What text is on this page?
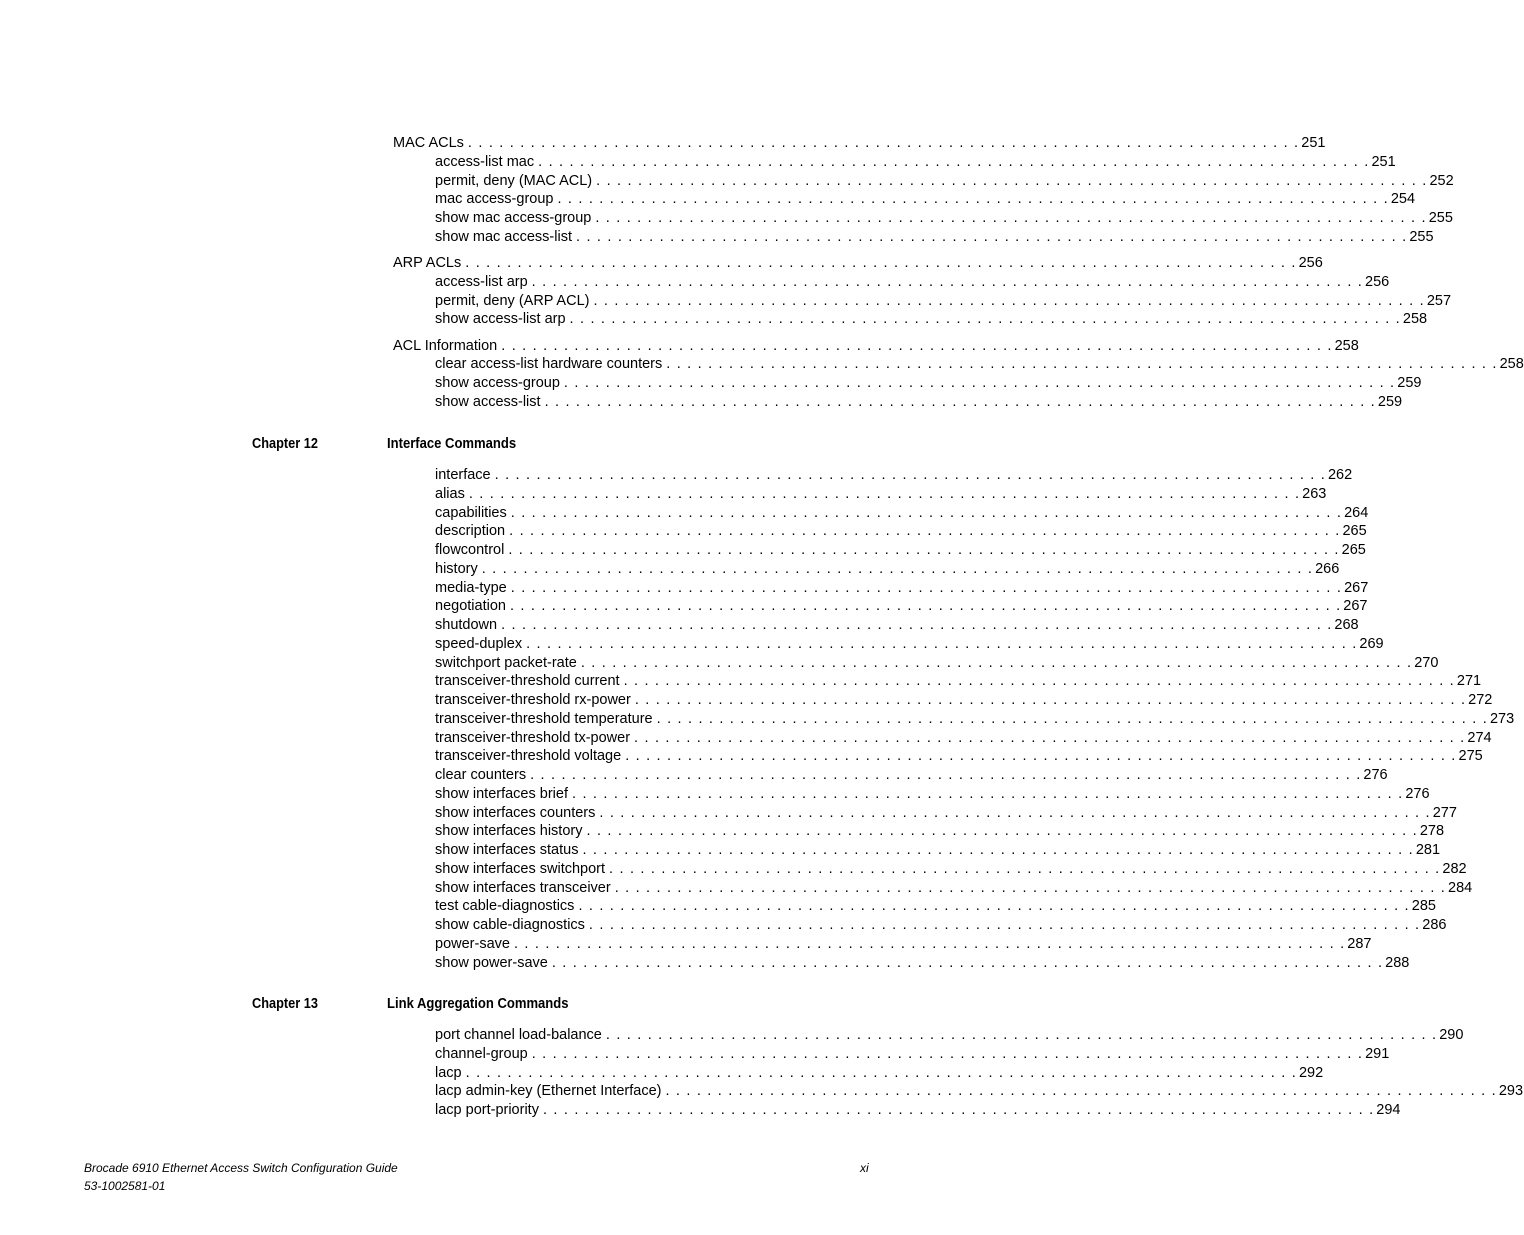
MAC ACLs . . . . . . . . . . . . . . . . . . . . . . . . . . . . . . . . . . . . . . . . . . . . . . . . . . . . . . . . . . . . . . . . . . . . . . . . . . . . . . . . 251
access-list mac . . . . . . . . . . . . . . . . . . . . . . . . . . . . . . . . . . . . . . . . . . . . . . . . . . . . . . . . . . . . . . . . . . . . . . . . . . . . . . . . 251
permit, deny (MAC ACL) . . . . . . . . . . . . . . . . . . . . . . . . . . . . . . . . . . . . . . . . . . . . . . . . . . . . . . . . . . . . . . . . . . . . . . . . . . . . . . . . 252
mac access-group . . . . . . . . . . . . . . . . . . . . . . . . . . . . . . . . . . . . . . . . . . . . . . . . . . . . . . . . . . . . . . . . . . . . . . . . . . . . . . . . 254
show mac access-group . . . . . . . . . . . . . . . . . . . . . . . . . . . . . . . . . . . . . . . . . . . . . . . . . . . . . . . . . . . . . . . . . . . . . . . . . . . . . . . . 255
show mac access-list . . . . . . . . . . . . . . . . . . . . . . . . . . . . . . . . . . . . . . . . . . . . . . . . . . . . . . . . . . . . . . . . . . . . . . . . . . . . . . . . 255
ARP ACLs . . . . . . . . . . . . . . . . . . . . . . . . . . . . . . . . . . . . . . . . . . . . . . . . . . . . . . . . . . . . . . . . . . . . . . . . . . . . . . . . 256
access-list arp . . . . . . . . . . . . . . . . . . . . . . . . . . . . . . . . . . . . . . . . . . . . . . . . . . . . . . . . . . . . . . . . . . . . . . . . . . . . . . . . 256
permit, deny (ARP ACL) . . . . . . . . . . . . . . . . . . . . . . . . . . . . . . . . . . . . . . . . . . . . . . . . . . . . . . . . . . . . . . . . . . . . . . . . . . . . . . . . 257
show access-list arp . . . . . . . . . . . . . . . . . . . . . . . . . . . . . . . . . . . . . . . . . . . . . . . . . . . . . . . . . . . . . . . . . . . . . . . . . . . . . . . . 258
ACL Information . . . . . . . . . . . . . . . . . . . . . . . . . . . . . . . . . . . . . . . . . . . . . . . . . . . . . . . . . . . . . . . . . . . . . . . . . . . . . . . . 258
clear access-list hardware counters . . . . . . . . . . . . . . . . . . . . . . . . . . . . . . . . . . . . . . . . . . . . . . . . . . . . . . . . . . . . . . . . . . . . . . . . . . . . . . . . 258
show access-group . . . . . . . . . . . . . . . . . . . . . . . . . . . . . . . . . . . . . . . . . . . . . . . . . . . . . . . . . . . . . . . . . . . . . . . . . . . . . . . . 259
show access-list . . . . . . . . . . . . . . . . . . . . . . . . . . . . . . . . . . . . . . . . . . . . . . . . . . . . . . . . . . . . . . . . . . . . . . . . . . . . . . . . 259
Chapter 12	Interface Commands
interface . . . . . . . . . . . . . . . . . . . . . . . . . . . . . . . . . . . . . . . . . . . . . . . . . . . . . . . . . . . . . . . . . . . . . . . . . . . . . . . . 262
alias . . . . . . . . . . . . . . . . . . . . . . . . . . . . . . . . . . . . . . . . . . . . . . . . . . . . . . . . . . . . . . . . . . . . . . . . . . . . . . . . 263
capabilities . . . . . . . . . . . . . . . . . . . . . . . . . . . . . . . . . . . . . . . . . . . . . . . . . . . . . . . . . . . . . . . . . . . . . . . . . . . . . . . . 264
description . . . . . . . . . . . . . . . . . . . . . . . . . . . . . . . . . . . . . . . . . . . . . . . . . . . . . . . . . . . . . . . . . . . . . . . . . . . . . . . . 265
flowcontrol . . . . . . . . . . . . . . . . . . . . . . . . . . . . . . . . . . . . . . . . . . . . . . . . . . . . . . . . . . . . . . . . . . . . . . . . . . . . . . . . 265
history . . . . . . . . . . . . . . . . . . . . . . . . . . . . . . . . . . . . . . . . . . . . . . . . . . . . . . . . . . . . . . . . . . . . . . . . . . . . . . . . 266
media-type . . . . . . . . . . . . . . . . . . . . . . . . . . . . . . . . . . . . . . . . . . . . . . . . . . . . . . . . . . . . . . . . . . . . . . . . . . . . . . . . 267
negotiation . . . . . . . . . . . . . . . . . . . . . . . . . . . . . . . . . . . . . . . . . . . . . . . . . . . . . . . . . . . . . . . . . . . . . . . . . . . . . . . . 267
shutdown . . . . . . . . . . . . . . . . . . . . . . . . . . . . . . . . . . . . . . . . . . . . . . . . . . . . . . . . . . . . . . . . . . . . . . . . . . . . . . . . 268
speed-duplex . . . . . . . . . . . . . . . . . . . . . . . . . . . . . . . . . . . . . . . . . . . . . . . . . . . . . . . . . . . . . . . . . . . . . . . . . . . . . . . . 269
switchport packet-rate . . . . . . . . . . . . . . . . . . . . . . . . . . . . . . . . . . . . . . . . . . . . . . . . . . . . . . . . . . . . . . . . . . . . . . . . . . . . . . . . 270
transceiver-threshold current . . . . . . . . . . . . . . . . . . . . . . . . . . . . . . . . . . . . . . . . . . . . . . . . . . . . . . . . . . . . . . . . . . . . . . . . . . . . . . . . 271
transceiver-threshold rx-power . . . . . . . . . . . . . . . . . . . . . . . . . . . . . . . . . . . . . . . . . . . . . . . . . . . . . . . . . . . . . . . . . . . . . . . . . . . . . . . . 272
transceiver-threshold temperature . . . . . . . . . . . . . . . . . . . . . . . . . . . . . . . . . . . . . . . . . . . . . . . . . . . . . . . . . . . . . . . . . . . . . . . . . . . . . . . . 273
transceiver-threshold tx-power . . . . . . . . . . . . . . . . . . . . . . . . . . . . . . . . . . . . . . . . . . . . . . . . . . . . . . . . . . . . . . . . . . . . . . . . . . . . . . . . 274
transceiver-threshold voltage . . . . . . . . . . . . . . . . . . . . . . . . . . . . . . . . . . . . . . . . . . . . . . . . . . . . . . . . . . . . . . . . . . . . . . . . . . . . . . . . 275
clear counters . . . . . . . . . . . . . . . . . . . . . . . . . . . . . . . . . . . . . . . . . . . . . . . . . . . . . . . . . . . . . . . . . . . . . . . . . . . . . . . . 276
show interfaces brief . . . . . . . . . . . . . . . . . . . . . . . . . . . . . . . . . . . . . . . . . . . . . . . . . . . . . . . . . . . . . . . . . . . . . . . . . . . . . . . . 276
show interfaces counters . . . . . . . . . . . . . . . . . . . . . . . . . . . . . . . . . . . . . . . . . . . . . . . . . . . . . . . . . . . . . . . . . . . . . . . . . . . . . . . . 277
show interfaces history . . . . . . . . . . . . . . . . . . . . . . . . . . . . . . . . . . . . . . . . . . . . . . . . . . . . . . . . . . . . . . . . . . . . . . . . . . . . . . . . 278
show interfaces status . . . . . . . . . . . . . . . . . . . . . . . . . . . . . . . . . . . . . . . . . . . . . . . . . . . . . . . . . . . . . . . . . . . . . . . . . . . . . . . . 281
show interfaces switchport . . . . . . . . . . . . . . . . . . . . . . . . . . . . . . . . . . . . . . . . . . . . . . . . . . . . . . . . . . . . . . . . . . . . . . . . . . . . . . . . 282
show interfaces transceiver . . . . . . . . . . . . . . . . . . . . . . . . . . . . . . . . . . . . . . . . . . . . . . . . . . . . . . . . . . . . . . . . . . . . . . . . . . . . . . . . 284
test cable-diagnostics . . . . . . . . . . . . . . . . . . . . . . . . . . . . . . . . . . . . . . . . . . . . . . . . . . . . . . . . . . . . . . . . . . . . . . . . . . . . . . . . 285
show cable-diagnostics . . . . . . . . . . . . . . . . . . . . . . . . . . . . . . . . . . . . . . . . . . . . . . . . . . . . . . . . . . . . . . . . . . . . . . . . . . . . . . . . 286
power-save . . . . . . . . . . . . . . . . . . . . . . . . . . . . . . . . . . . . . . . . . . . . . . . . . . . . . . . . . . . . . . . . . . . . . . . . . . . . . . . . 287
show power-save . . . . . . . . . . . . . . . . . . . . . . . . . . . . . . . . . . . . . . . . . . . . . . . . . . . . . . . . . . . . . . . . . . . . . . . . . . . . . . . . 288
Chapter 13	Link Aggregation Commands
port channel load-balance . . . . . . . . . . . . . . . . . . . . . . . . . . . . . . . . . . . . . . . . . . . . . . . . . . . . . . . . . . . . . . . . . . . . . . . . . . . . . . . . 290
channel-group . . . . . . . . . . . . . . . . . . . . . . . . . . . . . . . . . . . . . . . . . . . . . . . . . . . . . . . . . . . . . . . . . . . . . . . . . . . . . . . . 291
lacp . . . . . . . . . . . . . . . . . . . . . . . . . . . . . . . . . . . . . . . . . . . . . . . . . . . . . . . . . . . . . . . . . . . . . . . . . . . . . . . . 292
lacp admin-key (Ethernet Interface) . . . . . . . . . . . . . . . . . . . . . . . . . . . . . . . . . . . . . . . . . . . . . . . . . . . . . . . . . . . . . . . . . . . . . . . . . . . . . . . . 293
lacp port-priority . . . . . . . . . . . . . . . . . . . . . . . . . . . . . . . . . . . . . . . . . . . . . . . . . . . . . . . . . . . . . . . . . . . . . . . . . . . . . . . . 294
Brocade 6910 Ethernet Access Switch Configuration Guide
53-1002581-01
xi
